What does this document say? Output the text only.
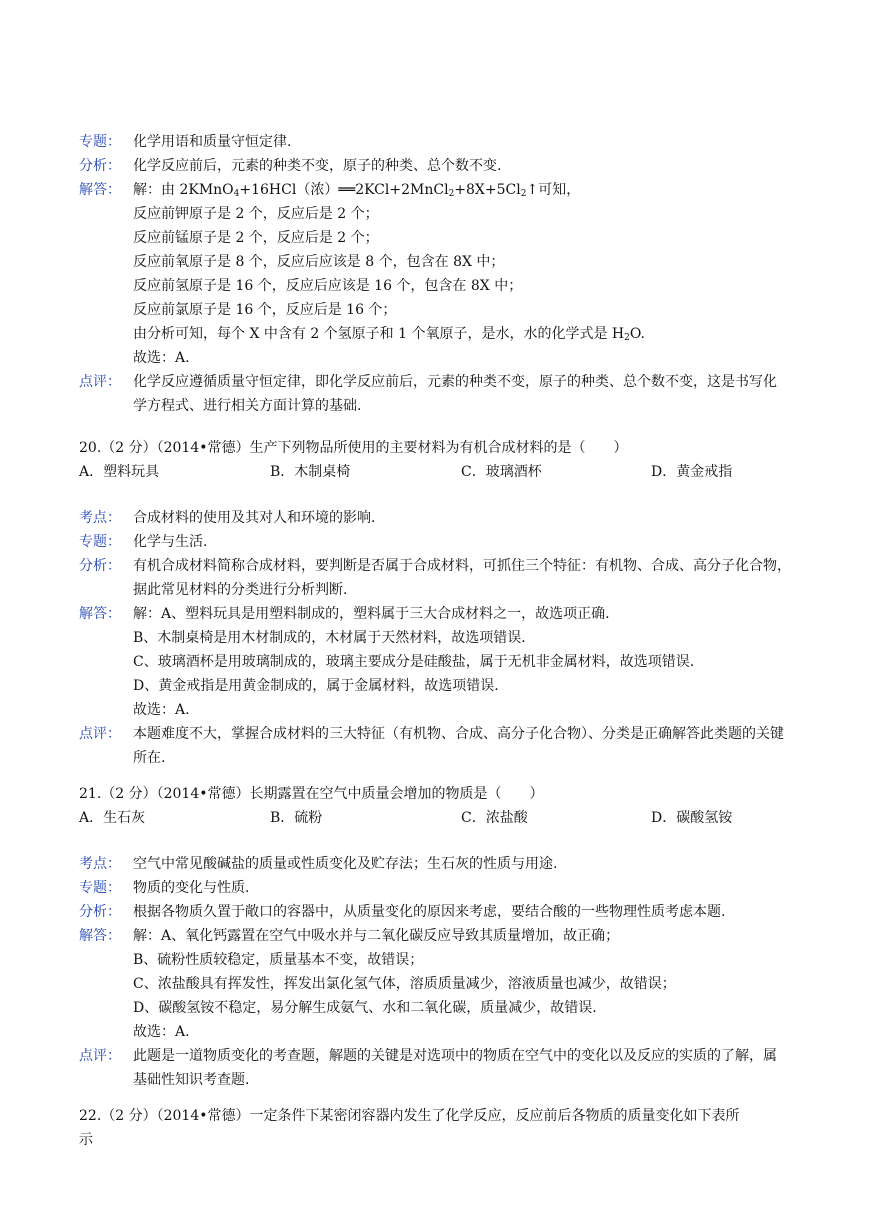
专题： 化学用语和质量守恒定律.
分析： 化学反应前后，元素的种类不变，原子的种类、总个数不变.
解答： 解：由 2KMnO$_4$+16HCl（浓）$══2KCl+2MnCl_2+8X+5Cl_2↑$可知，
反应前钾原子是 2 个，反应后是 2 个；
反应前锰原子是 2 个，反应后是 2 个；
反应前氧原子是 8 个，反应后应该是 8 个，包含在 8X 中；
反应前氢原子是 16 个，反应后应该是 16 个，包含在 8X 中；
反应前氯原子是 16 个，反应后是 16 个；
由分析可知，每个 X 中含有 2 个氢原子和 1 个氧原子，是水，水的化学式是 $H_2O$.
故选：A.
点评： 化学反应遵循质量守恒定律，即化学反应前后，元素的种类不变，原子的种类、总个数不变，这是书写化
学方程式、进行相关方面计算的基础.
20.（2 分）（2014•常德）生产下列物品所使用的主要材料为有机合成材料的是（　　）
A．塑料玩具	B．木制桌椅	C．玻璃酒杯	D．黄金戒指
考点： 合成材料的使用及其对人和环境的影响.
专题： 化学与生活.
分析： 有机合成材料简称合成材料，要判断是否属于合成材料，可抓住三个特征：有机物、合成、高分子化合物，
据此常见材料的分类进行分析判断.
解答： 解：A、塑料玩具是用塑料制成的，塑料属于三大合成材料之一，故选项正确.
B、木制桌椅是用木材制成的，木材属于天然材料，故选项错误.
C、玻璃酒杯是用玻璃制成的，玻璃主要成分是硅酸盐，属于无机非金属材料，故选项错误.
D、黄金戒指是用黄金制成的，属于金属材料，故选项错误.
故选：A.
点评： 本题难度不大，掌握合成材料的三大特征（有机物、合成、高分子化合物）、分类是正确解答此类题的关键
所在.
21.（2 分）（2014•常德）长期露置在空气中质量会增加的物质是（　　）
A．生石灰	B．硫粉	C．浓盐酸	D．碳酸氢铵
考点： 空气中常见酸碱盐的质量或性质变化及贮存法；生石灰的性质与用途.
专题： 物质的变化与性质.
分析： 根据各物质久置于敞口的容器中，从质量变化的原因来考虑，要结合酸的一些物理性质考虑本题.
解答： 解：A、氧化钙露置在空气中吸水并与二氧化碳反应导致其质量增加，故正确；
B、硫粉性质较稳定，质量基本不变，故错误；
C、浓盐酸具有挥发性，挥发出氯化氢气体，溶质质量减少，溶液质量也减少，故错误；
D、碳酸氢铵不稳定，易分解生成氨气、水和二氧化碳，质量减少，故错误.
故选：A.
点评： 此题是一道物质变化的考查题，解题的关键是对选项中的物质在空气中的变化以及反应的实质的了解，属
基础性知识考查题.
22.（2 分）（2014•常德）一定条件下某密闭容器内发生了化学反应，反应前后各物质的质量变化如下表所
示
